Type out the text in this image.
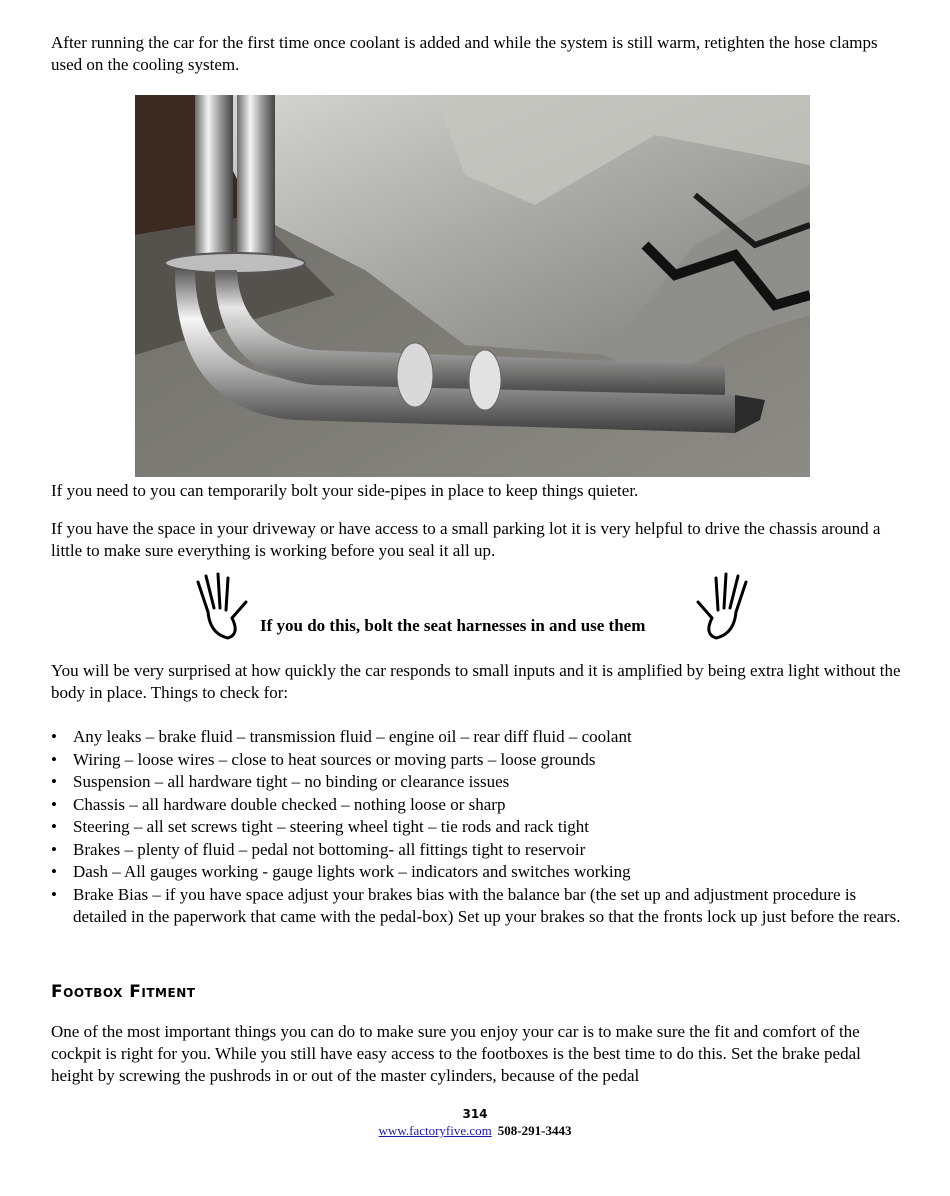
After running the car for the first time once coolant is added and while the system is still warm, retighten the hose clamps used on the cooling system.

If you need to you can temporarily bolt your side-pipes in place to keep things quieter.

If you have the space in your driveway or have access to a small parking lot it is very helpful to drive the chassis around a little to make sure everything is working before you seal it all up.

If you do this, bolt the seat harnesses in and use them

You will be very surprised at how quickly the car responds to small inputs and it is amplified by being extra light without the body in place. Things to check for:

• Any leaks – brake fluid – transmission fluid – engine oil – rear diff fluid – coolant
• Wiring – loose wires – close to heat sources or moving parts – loose grounds
• Suspension – all hardware tight – no binding or clearance issues
• Chassis – all hardware double checked – nothing loose or sharp
• Steering – all set screws tight – steering wheel tight – tie rods and rack tight
• Brakes – plenty of fluid – pedal not bottoming- all fittings tight to reservoir
• Dash – All gauges working - gauge lights work – indicators and switches working
• Brake Bias – if you have space adjust your brakes bias with the balance bar (the set up and adjustment procedure is detailed in the paperwork that came with the pedal-box) Set up your brakes so that the fronts lock up just before the rears.
Footbox Fitment

One of the most important things you can do to make sure you enjoy your car is to make sure the fit and comfort of the cockpit is right for you. While you still have easy access to the footboxes is the best time to do this. Set the brake pedal height by screwing the pushrods in or out of the master cylinders, because of the pedal

314
www.factoryfive.com 508-291-3443
